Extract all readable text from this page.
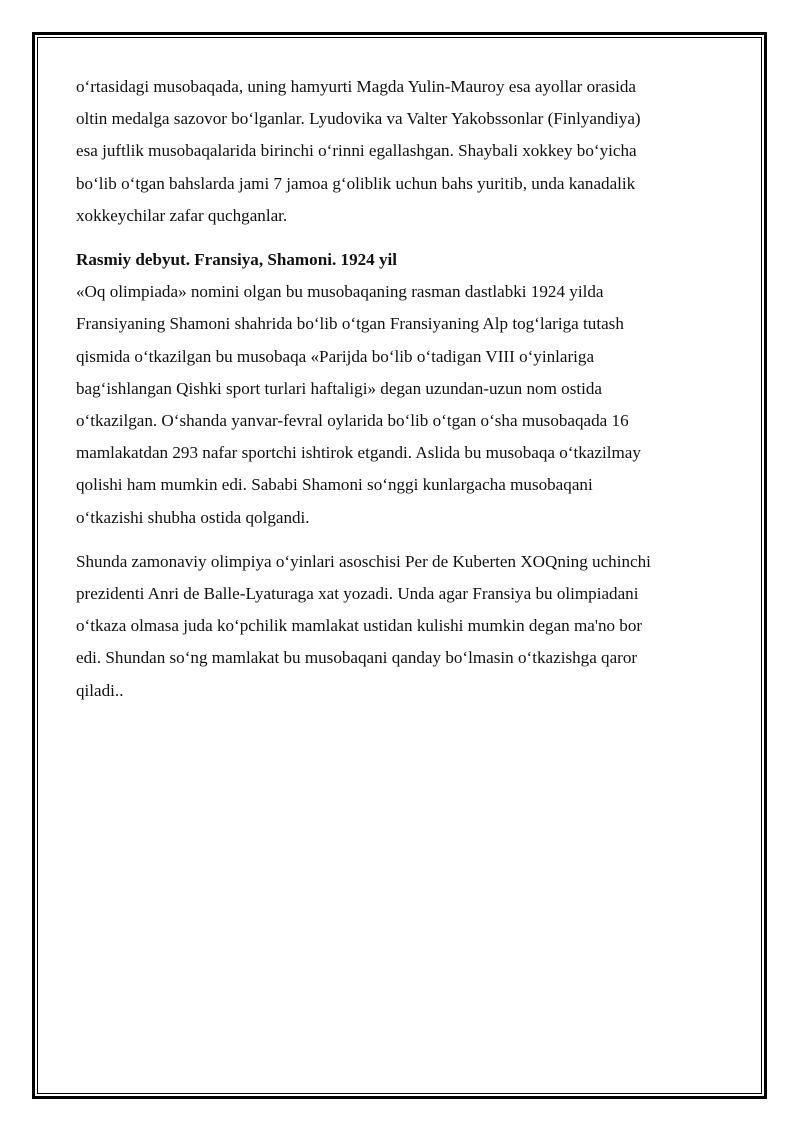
o‘rtasidagi musobaqada, uning hamyurti Magda Yulin-Mauroy esa ayollar orasida
oltin medalga sazovor bo‘lganlar. Lyudovika va Valter Yakobssonlar (Finlyandiya)
esa juftlik musobaqalarida birinchi o‘rinni egallashgan. Shaybali xokkey bo‘yicha
bo‘lib o‘tgan bahslarda jami 7 jamoa g‘oliblik uchun bahs yuritib, unda kanadalik
xokkeychilar zafar quchganlar.

Rasmiy debyut. Fransiya, Shamoni. 1924 yil

«Oq olimpiada» nomini olgan bu musobaqaning rasman dastlabki 1924 yilda
Fransiyaning Shamoni shahrida bo‘lib o‘tgan Fransiyaning Alp tog‘lariga tutash
qismida o‘tkazilgan bu musobaqa «Parijda bo‘lib o‘tadigan VIII o‘yinlariga
bag‘ishlangan Qishki sport turlari haftaligi» degan uzundan-uzun nom ostida
o‘tkazilgan. O‘shanda yanvar-fevral oylarida bo‘lib o‘tgan o‘sha musobaqada 16
mamlakatdan 293 nafar sportchi ishtirok etgandi. Aslida bu musobaqa o‘tkazilmay
qolishi ham mumkin edi. Sababi Shamoni so‘nggi kunlargacha musobaqani
o‘tkazishi shubha ostida qolgandi.

Shunda zamonaviy olimpiya o‘yinlari asoschisi Per de Kuberten XOQning uchinchi
prezidenti Anri de Balle-Lyaturaga xat yozadi. Unda agar Fransiya bu olimpiadani
o‘tkaza olmasa juda ko‘pchilik mamlakat ustidan kulishi mumkin degan ma'no bor
edi. Shundan so‘ng mamlakat bu musobaqani qanday bo‘lmasin o‘tkazishga qaror
qiladi..
